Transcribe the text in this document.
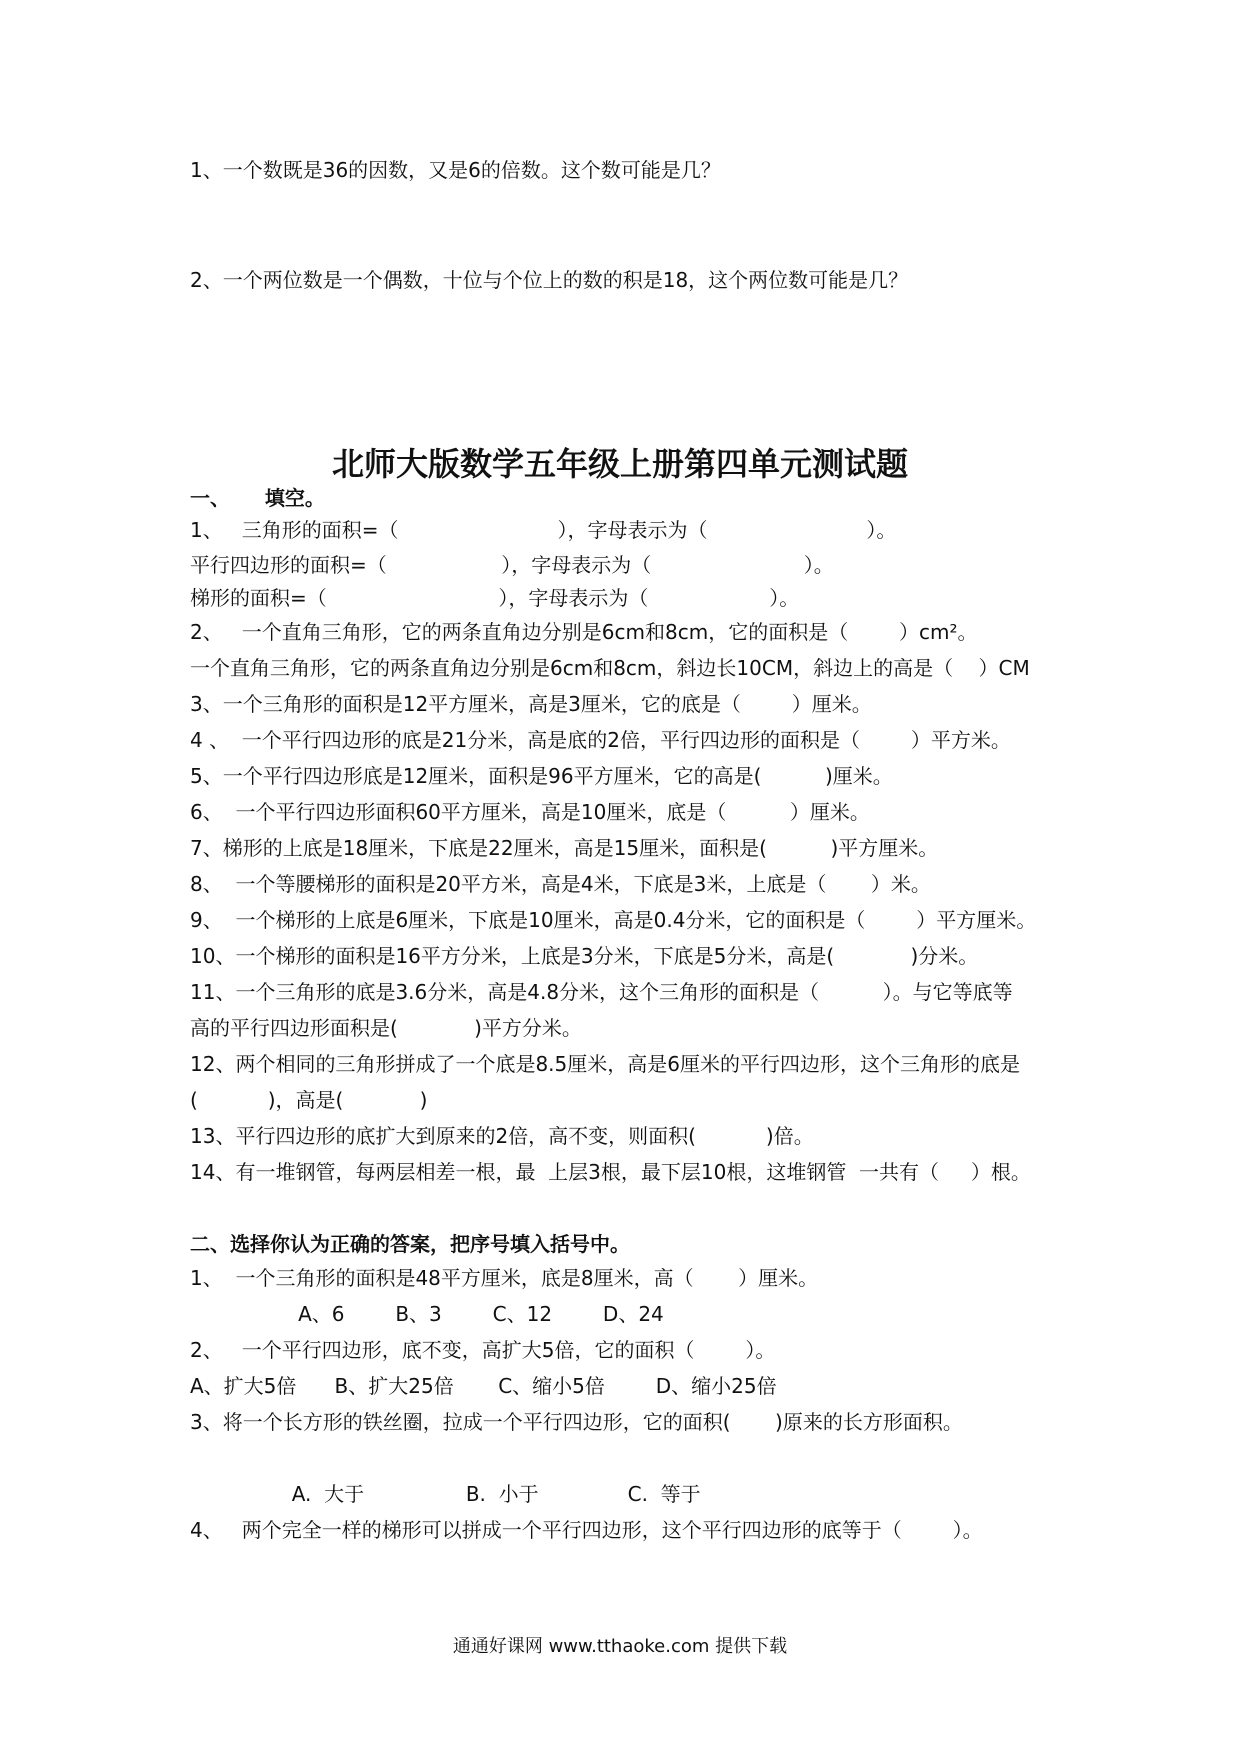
1、一个数既是36的因数，又是6的倍数。这个数可能是几？
2、一个两位数是一个偶数，十位与个位上的数的积是18，这个两位数可能是几？
北师大版数学五年级上册第四单元测试题
一、     填空。
1、   三角形的面积=（                         ），字母表示为（                         ）。
平行四边形的面积=（                  ），字母表示为（                        ）。
梯形的面积=（                           ），字母表示为（                   ）。
2、   一个直角三角形，它的两条直角边分别是6cm和8cm，它的面积是（        ）cm²。
一个直角三角形，它的两条直角边分别是6cm和8cm，斜边长10CM，斜边上的高是（    ）CM
3、一个三角形的面积是12平方厘米，高是3厘米，它的底是（        ）厘米。
4 、  一个平行四边形的底是21分米，高是底的2倍，平行四边形的面积是（        ）平方米。
5、一个平行四边形底是12厘米，面积是96平方厘米，它的高是(          )厘米。
6、  一个平行四边形面积60平方厘米，高是10厘米，底是（          ）厘米。
7、梯形的上底是18厘米，下底是22厘米，高是15厘米，面积是(          )平方厘米。
8、  一个等腰梯形的面积是20平方米，高是4米，下底是3米，上底是（       ）米。
9、  一个梯形的上底是6厘米，下底是10厘米，高是0.4分米，它的面积是（        ）平方厘米。
10、一个梯形的面积是16平方分米，上底是3分米，下底是5分米，高是(            )分米。
11、一个三角形的底是3.6分米，高是4.8分米，这个三角形的面积是（          ）。与它等底等
高的平行四边形面积是(            )平方分米。
12、两个相同的三角形拼成了一个底是8.5厘米，高是6厘米的平行四边形，这个三角形的底是
(           )，高是(            )
13、平行四边形的底扩大到原来的2倍，高不变，则面积(           )倍。
14、有一堆钢管，每两层相差一根，最  上层3根，最下层10根，这堆钢管  一共有（     ）根。
二、选择你认为正确的答案，把序号填入括号中。
1、  一个三角形的面积是48平方厘米，底是8厘米，高（       ）厘米。
A、6        B、3        C、12        D、24
2、   一个平行四边形，底不变，高扩大5倍，它的面积（        ）。
A、扩大5倍      B、扩大25倍       C、缩小5倍        D、缩小25倍
3、将一个长方形的铁丝圈，拉成一个平行四边形，它的面积(       )原来的长方形面积。
A.  大于                B.  小于              C.  等于
4、   两个完全一样的梯形可以拼成一个平行四边形，这个平行四边形的底等于（        ）。
通通好课网 www.tthaoke.com 提供下载
